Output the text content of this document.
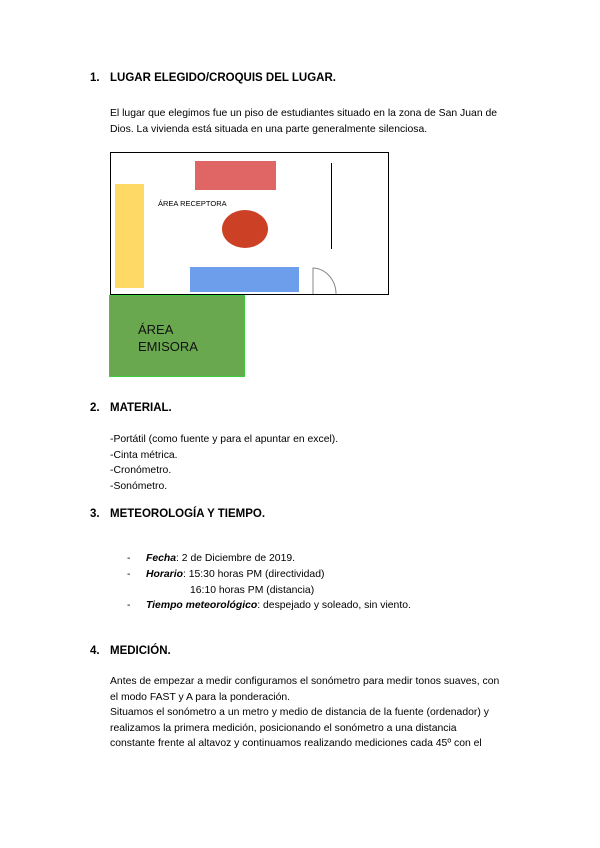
1. LUGAR ELEGIDO/CROQUIS DEL LUGAR.
El lugar que elegimos fue un piso de estudiantes situado en la zona de San Juan de
Dios. La vivienda está situada en una parte generalmente silenciosa.
ÁREA RECEPTORA
ÁREA
EMISORA
2. MATERIAL.
-Portátil (como fuente y para el apuntar en excel).
-Cinta métrica.
-Cronómetro.
-Sonómetro.
3. METEOROLOGÍA Y TIEMPO.
- Fecha: 2 de Diciembre de 2019.
- Horario: 15:30 horas PM (directividad)
16:10 horas PM (distancia)
- Tiempo meteorológico: despejado y soleado, sin viento.
4. MEDICIÓN.
Antes de empezar a medir configuramos el sonómetro para medir tonos suaves, con
el modo FAST y A para la ponderación.
Situamos el sonómetro a un metro y medio de distancia de la fuente (ordenador) y
realizamos la primera medición, posicionando el sonómetro a una distancia
constante frente al altavoz y continuamos realizando mediciones cada 45º con el
